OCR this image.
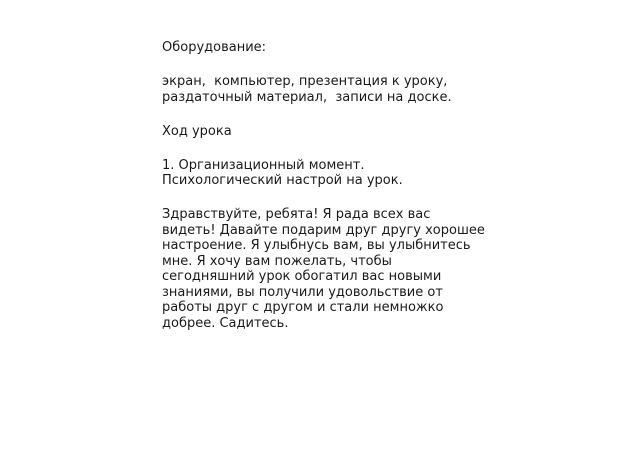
Оборудование:

экран,  компьютер, презентация к уроку,
раздаточный материал,  записи на доске.

Ход урока

1. Организационный момент.
Психологический настрой на урок.

Здравствуйте, ребята! Я рада всех вас
видеть! Давайте подарим друг другу хорошее
настроение. Я улыбнусь вам, вы улыбнитесь
мне. Я хочу вам пожелать, чтобы
сегодняшний урок обогатил вас новыми
знаниями, вы получили удовольствие от
работы друг с другом и стали немножко
добрее. Садитесь.
